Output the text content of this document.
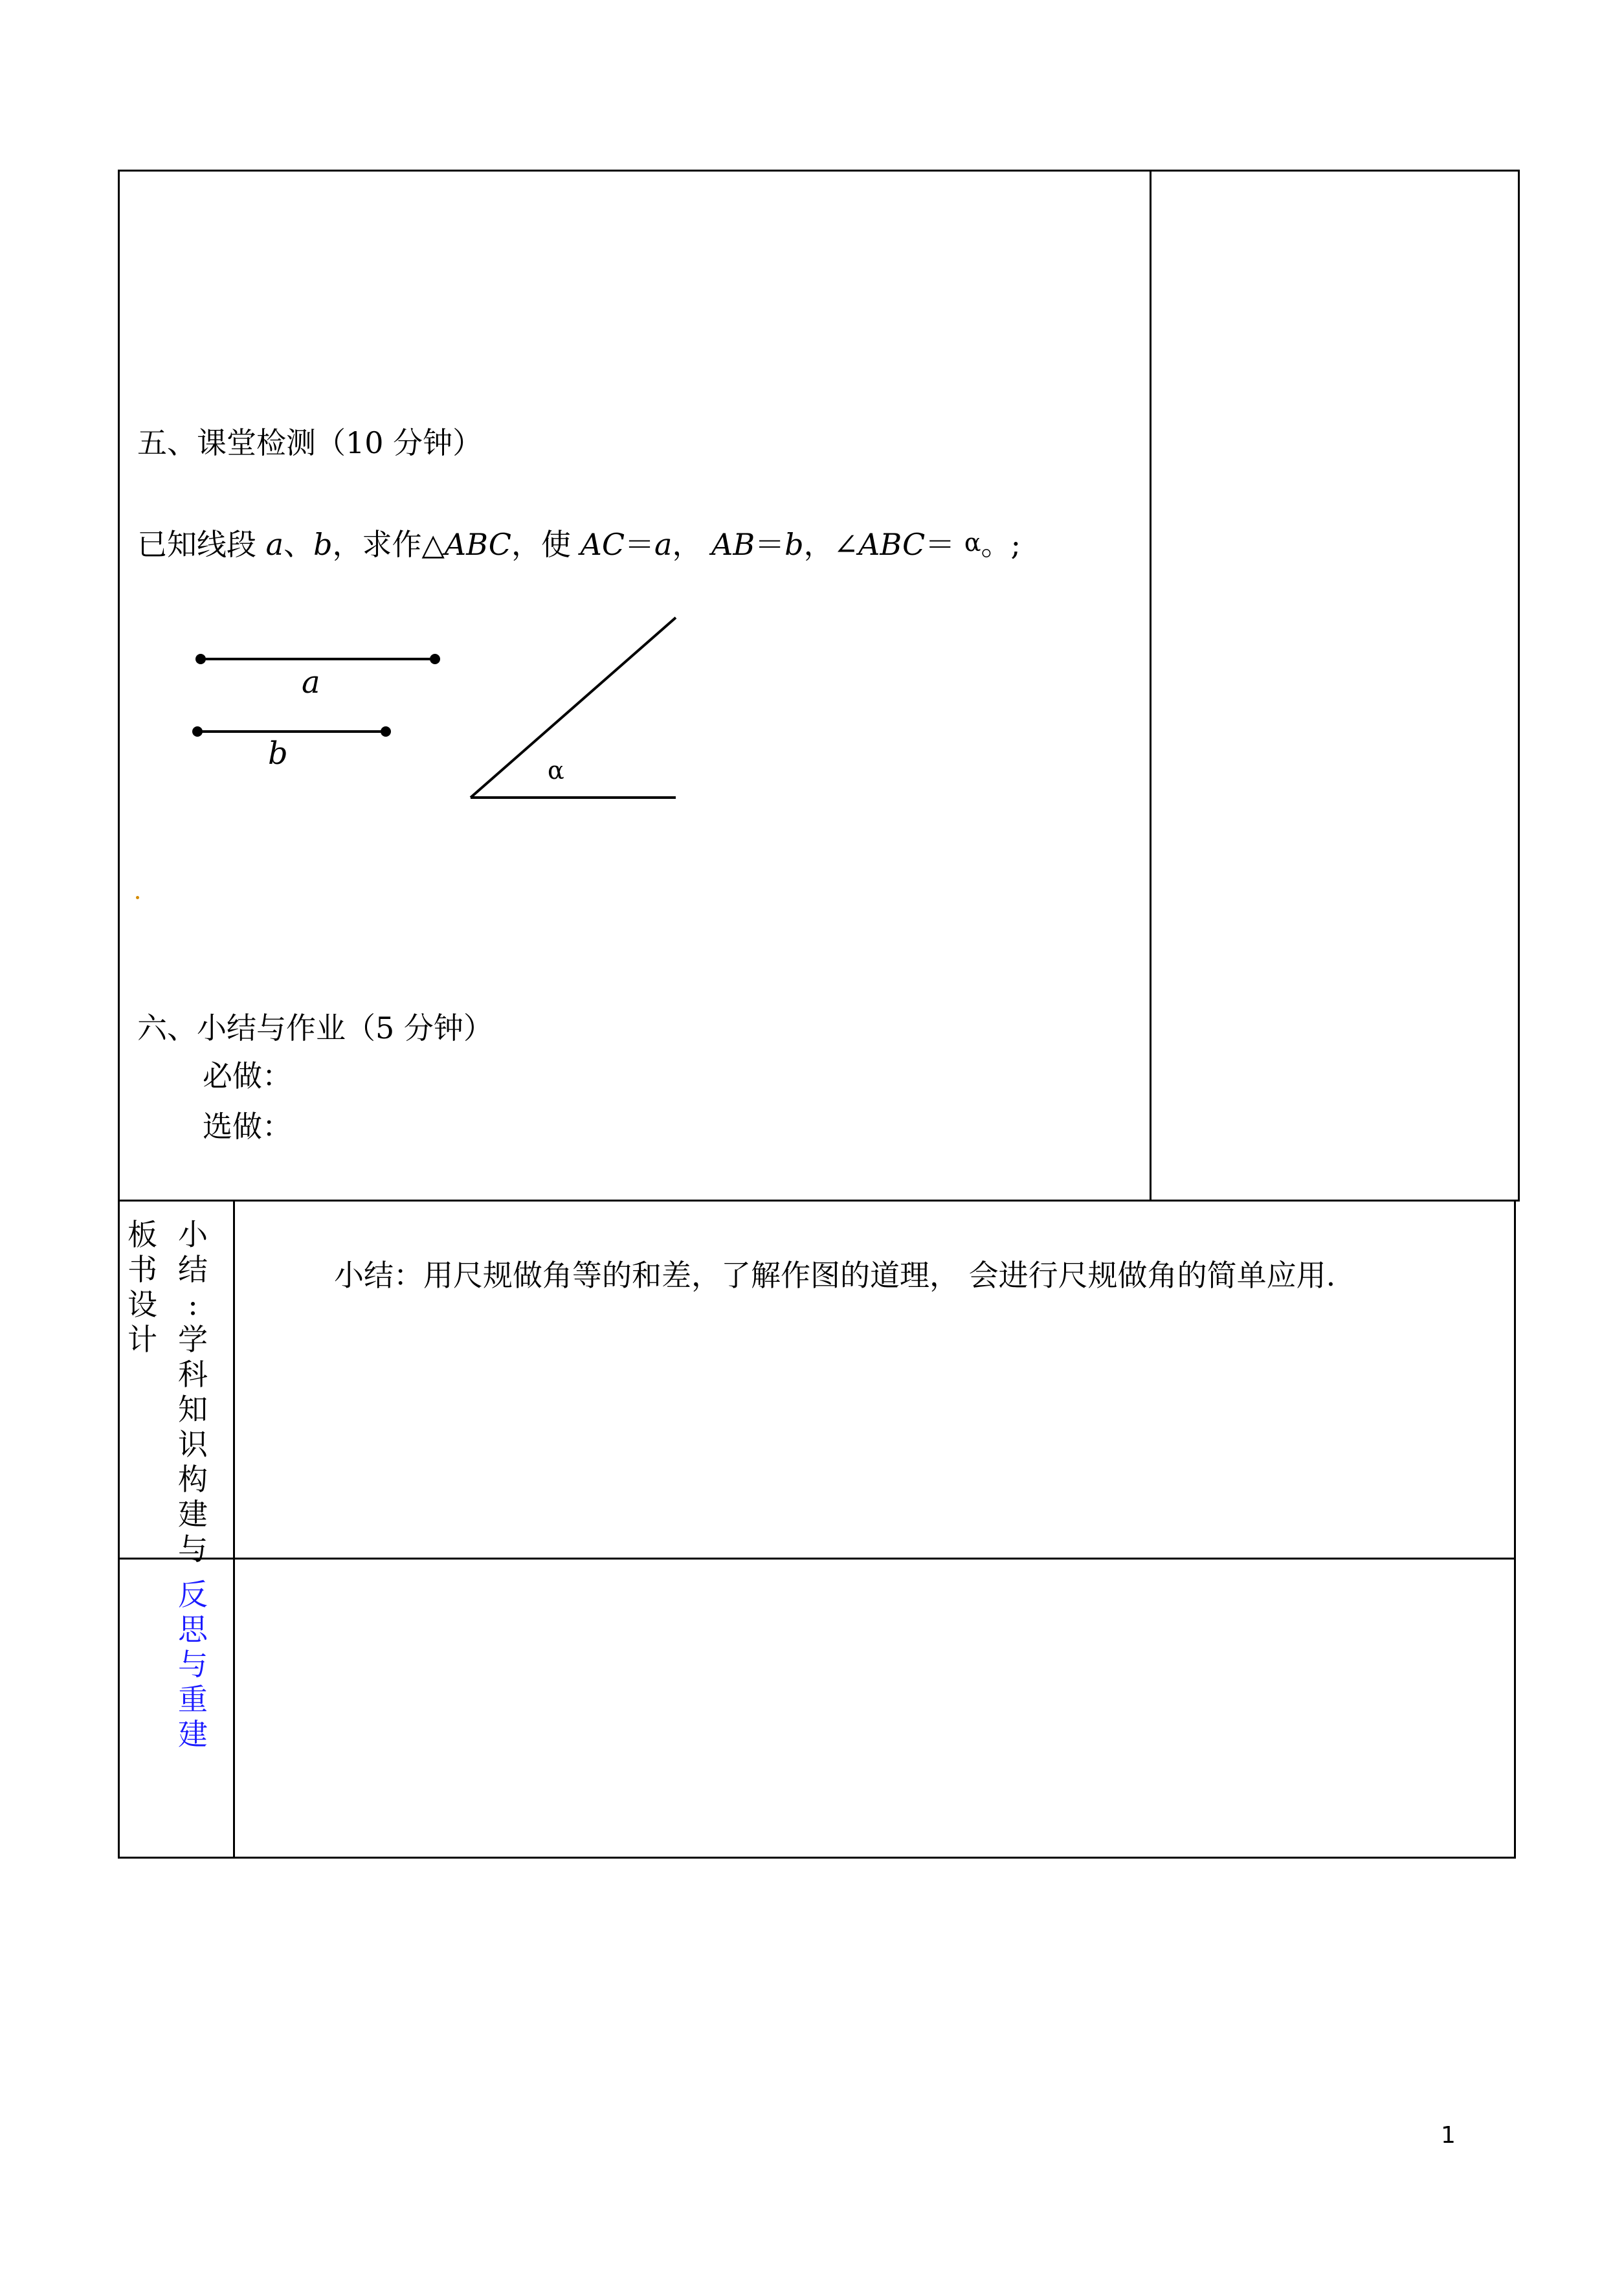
五、课堂检测（10 分钟）
已知线段 a、b，求作△ABC，使 AC＝a， AB＝b，∠ABC＝ α。;
a
b	α
六、小结与作业（5 分钟）
必做：
选做：
板书设计
小结 :学科知识构建与
小结：用尺规做角等的和差，了解作图的道理， 会进行尺规做角的简单应用.
反思与重建
1
